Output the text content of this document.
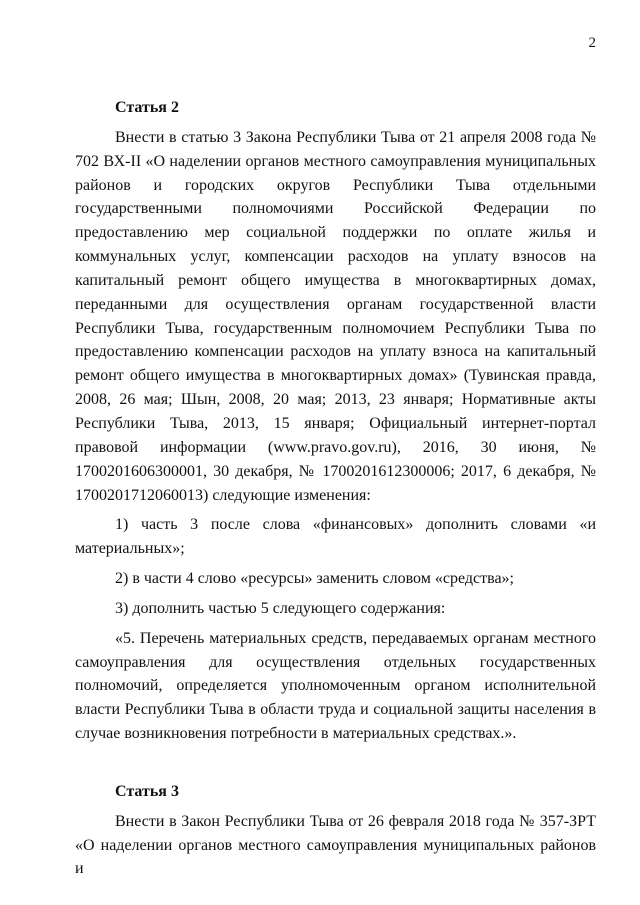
2

Статья 2

Внести в статью 3 Закона Республики Тыва от 21 апреля 2008 года № 702 ВХ-II «О наделении органов местного самоуправления муниципальных районов и городских округов Республики Тыва отдельными государственными полномочиями Российской Федерации по предоставлению мер социальной поддержки по оплате жилья и коммунальных услуг, компенсации расходов на уплату взносов на капитальный ремонт общего имущества в многоквартирных домах, переданными для осуществления органам государственной власти Республики Тыва, государственным полномочием Республики Тыва по предоставлению компенсации расходов на уплату взноса на капитальный ремонт общего имущества в многоквартирных домах» (Тувинская правда, 2008, 26 мая; Шын, 2008, 20 мая; 2013, 23 января; Нормативные акты Республики Тыва, 2013, 15 января; Официальный интернет-портал правовой информации (www.pravo.gov.ru), 2016, 30 июня, № 1700201606300001, 30 декабря, № 1700201612300006; 2017, 6 декабря, № 1700201712060013) следующие изменения:

1) часть 3 после слова «финансовых» дополнить словами «и материальных»;

2) в части 4 слово «ресурсы» заменить словом «средства»;

3) дополнить частью 5 следующего содержания:

«5. Перечень материальных средств, передаваемых органам местного самоуправления для осуществления отдельных государственных полномочий, определяется уполномоченным органом исполнительной власти Республики Тыва в области труда и социальной защиты населения в случае возникновения потребности в материальных средствах.».

Статья 3

Внести в Закон Республики Тыва от 26 февраля 2018 года № 357-ЗРТ «О наделении органов местного самоуправления муниципальных районов и
